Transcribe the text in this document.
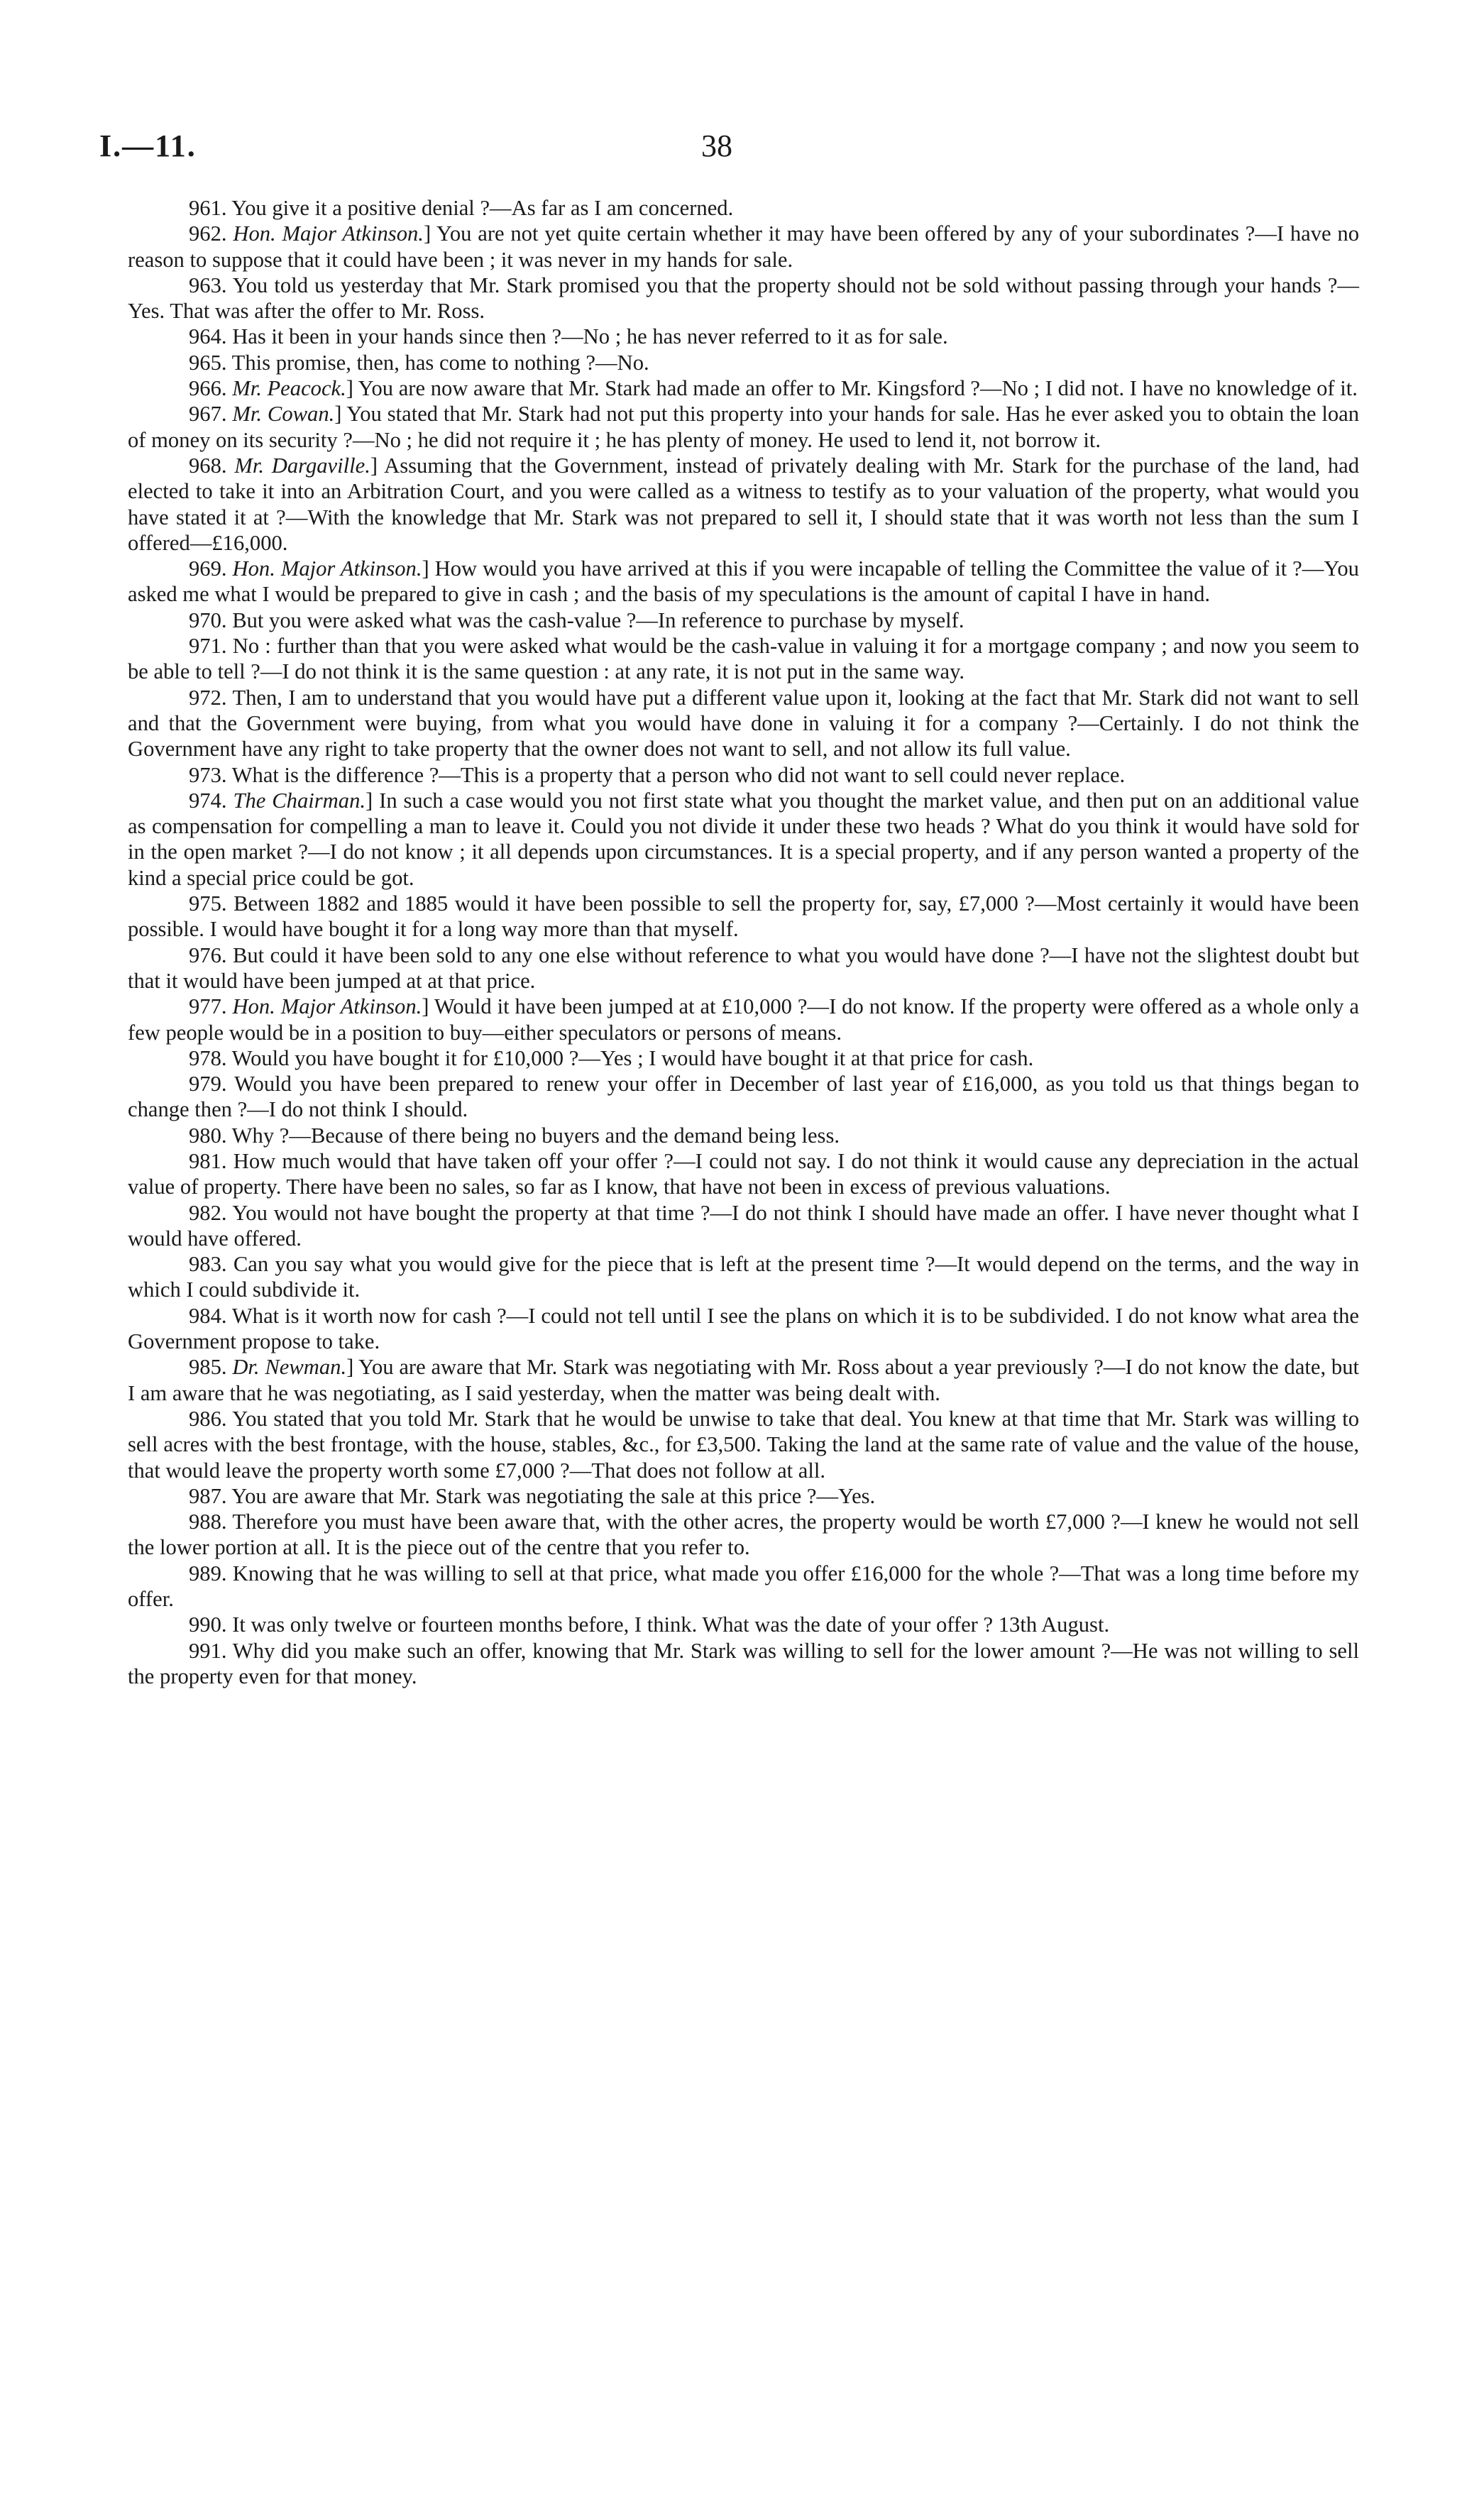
I.—11.	38

961. You give it a positive denial ?—As far as I am concerned.

962. Hon. Major Atkinson.] You are not yet quite certain whether it may have been offered by any of your subordinates ?—I have no reason to suppose that it could have been ; it was never in my hands for sale.

963. You told us yesterday that Mr. Stark promised you that the property should not be sold without passing through your hands ?—Yes. That was after the offer to Mr. Ross.

964. Has it been in your hands since then ?—No ; he has never referred to it as for sale.

965. This promise, then, has come to nothing ?—No.

966. Mr. Peacock.] You are now aware that Mr. Stark had made an offer to Mr. Kingsford ?—No ; I did not. I have no knowledge of it.

967. Mr. Cowan.] You stated that Mr. Stark had not put this property into your hands for sale. Has he ever asked you to obtain the loan of money on its security ?—No ; he did not require it ; he has plenty of money. He used to lend it, not borrow it.

968. Mr. Dargaville.] Assuming that the Government, instead of privately dealing with Mr. Stark for the purchase of the land, had elected to take it into an Arbitration Court, and you were called as a witness to testify as to your valuation of the property, what would you have stated it at ?—With the knowledge that Mr. Stark was not prepared to sell it, I should state that it was worth not less than the sum I offered—£16,000.

969. Hon. Major Atkinson.] How would you have arrived at this if you were incapable of telling the Committee the value of it ?—You asked me what I would be prepared to give in cash ; and the basis of my speculations is the amount of capital I have in hand.

970. But you were asked what was the cash-value ?—In reference to purchase by myself.

971. No : further than that you were asked what would be the cash-value in valuing it for a mortgage company ; and now you seem to be able to tell ?—I do not think it is the same question : at any rate, it is not put in the same way.

972. Then, I am to understand that you would have put a different value upon it, looking at the fact that Mr. Stark did not want to sell and that the Government were buying, from what you would have done in valuing it for a company ?—Certainly. I do not think the Government have any right to take property that the owner does not want to sell, and not allow its full value.

973. What is the difference ?—This is a property that a person who did not want to sell could never replace.

974. The Chairman.] In such a case would you not first state what you thought the market value, and then put on an additional value as compensation for compelling a man to leave it. Could you not divide it under these two heads ? What do you think it would have sold for in the open market ?—I do not know ; it all depends upon circumstances. It is a special property, and if any person wanted a property of the kind a special price could be got.

975. Between 1882 and 1885 would it have been possible to sell the property for, say, £7,000 ?—Most certainly it would have been possible. I would have bought it for a long way more than that myself.

976. But could it have been sold to any one else without reference to what you would have done ?—I have not the slightest doubt but that it would have been jumped at at that price.

977. Hon. Major Atkinson.] Would it have been jumped at at £10,000 ?—I do not know. If the property were offered as a whole only a few people would be in a position to buy—either speculators or persons of means.

978. Would you have bought it for £10,000 ?—Yes ; I would have bought it at that price for cash.

979. Would you have been prepared to renew your offer in December of last year of £16,000, as you told us that things began to change then ?—I do not think I should.

980. Why ?—Because of there being no buyers and the demand being less.

981. How much would that have taken off your offer ?—I could not say. I do not think it would cause any depreciation in the actual value of property. There have been no sales, so far as I know, that have not been in excess of previous valuations.

982. You would not have bought the property at that time ?—I do not think I should have made an offer. I have never thought what I would have offered.

983. Can you say what you would give for the piece that is left at the present time ?—It would depend on the terms, and the way in which I could subdivide it.

984. What is it worth now for cash ?—I could not tell until I see the plans on which it is to be subdivided. I do not know what area the Government propose to take.

985. Dr. Newman.] You are aware that Mr. Stark was negotiating with Mr. Ross about a year previously ?—I do not know the date, but I am aware that he was negotiating, as I said yesterday, when the matter was being dealt with.

986. You stated that you told Mr. Stark that he would be unwise to take that deal. You knew at that time that Mr. Stark was willing to sell acres with the best frontage, with the house, stables, &c., for £3,500. Taking the land at the same rate of value and the value of the house, that would leave the property worth some £7,000 ?—That does not follow at all.

987. You are aware that Mr. Stark was negotiating the sale at this price ?—Yes.

988. Therefore you must have been aware that, with the other acres, the property would be worth £7,000 ?—I knew he would not sell the lower portion at all. It is the piece out of the centre that you refer to.

989. Knowing that he was willing to sell at that price, what made you offer £16,000 for the whole ?—That was a long time before my offer.

990. It was only twelve or fourteen months before, I think. What was the date of your offer ? 13th August.

991. Why did you make such an offer, knowing that Mr. Stark was willing to sell for the lower amount ?—He was not willing to sell the property even for that money.
